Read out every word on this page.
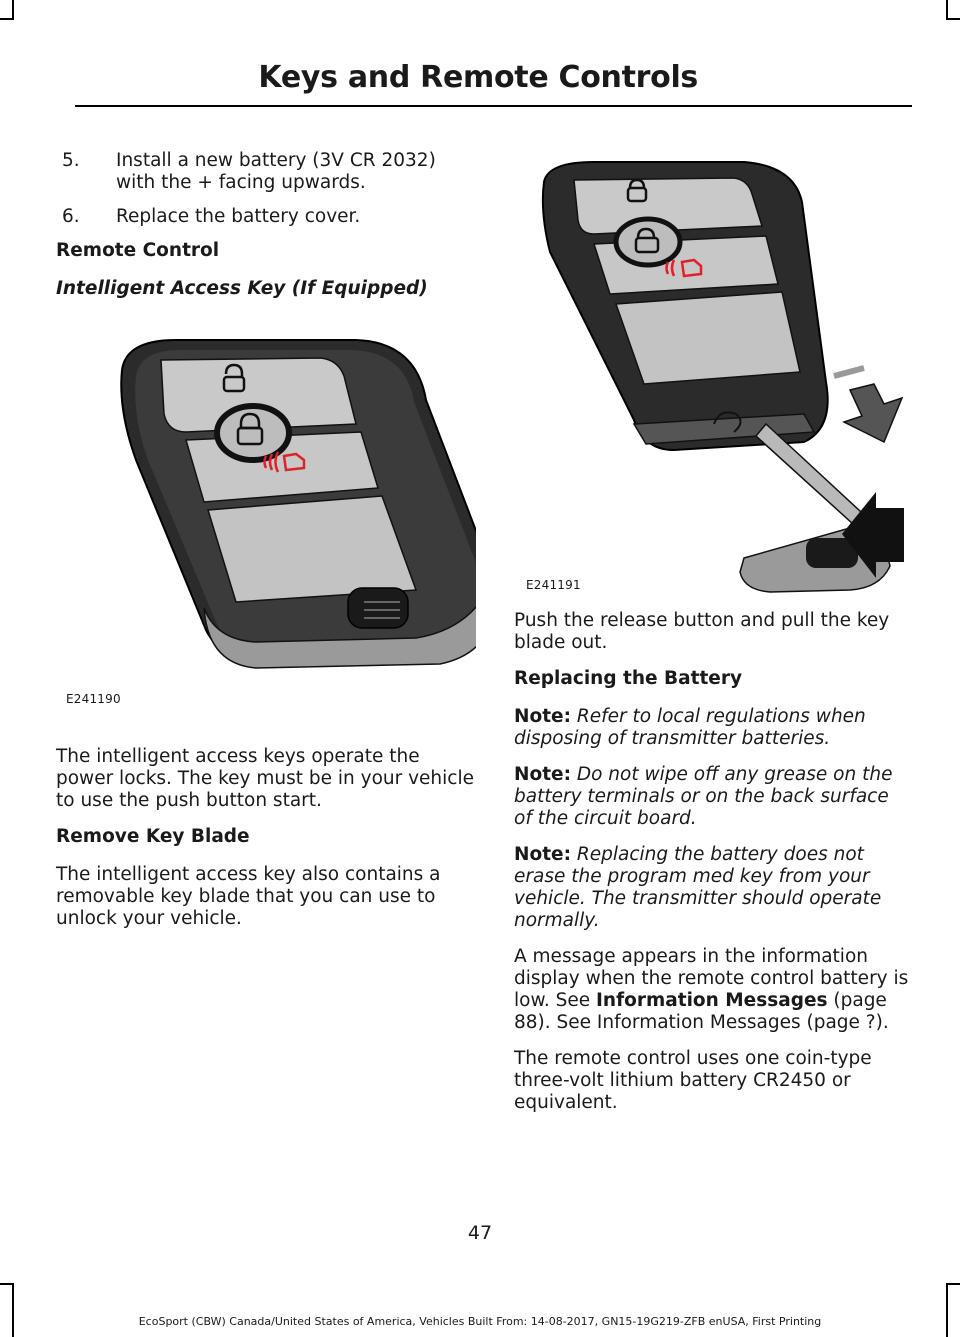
Keys and Remote Controls
5.	Install a new battery (3V CR 2032) with the + facing upwards.
6.	Replace the battery cover.
Remote Control
Intelligent Access Key (If Equipped)
E241190

The intelligent access keys operate the power locks. The key must be in your vehicle to use the push button start.

Remove Key Blade

The intelligent access key also contains a removable key blade that you can use to unlock your vehicle.

E241191

Push the release button and pull the key blade out.

Replacing the Battery

Note: Refer to local regulations when disposing of transmitter batteries.

Note: Do not wipe off any grease on the battery terminals or on the back surface of the circuit board.

Note: Replacing the battery does not erase the program med key from your vehicle. The transmitter should operate normally.

A message appears in the information display when the remote control battery is low. See Information Messages (page 88). See Information Messages (page ?).

The remote control uses one coin-type three-volt lithium battery CR2450 or equivalent.

47
EcoSport (CBW) Canada/United States of America, Vehicles Built From: 14-08-2017, GN15-19G219-ZFB enUSA, First Printing
